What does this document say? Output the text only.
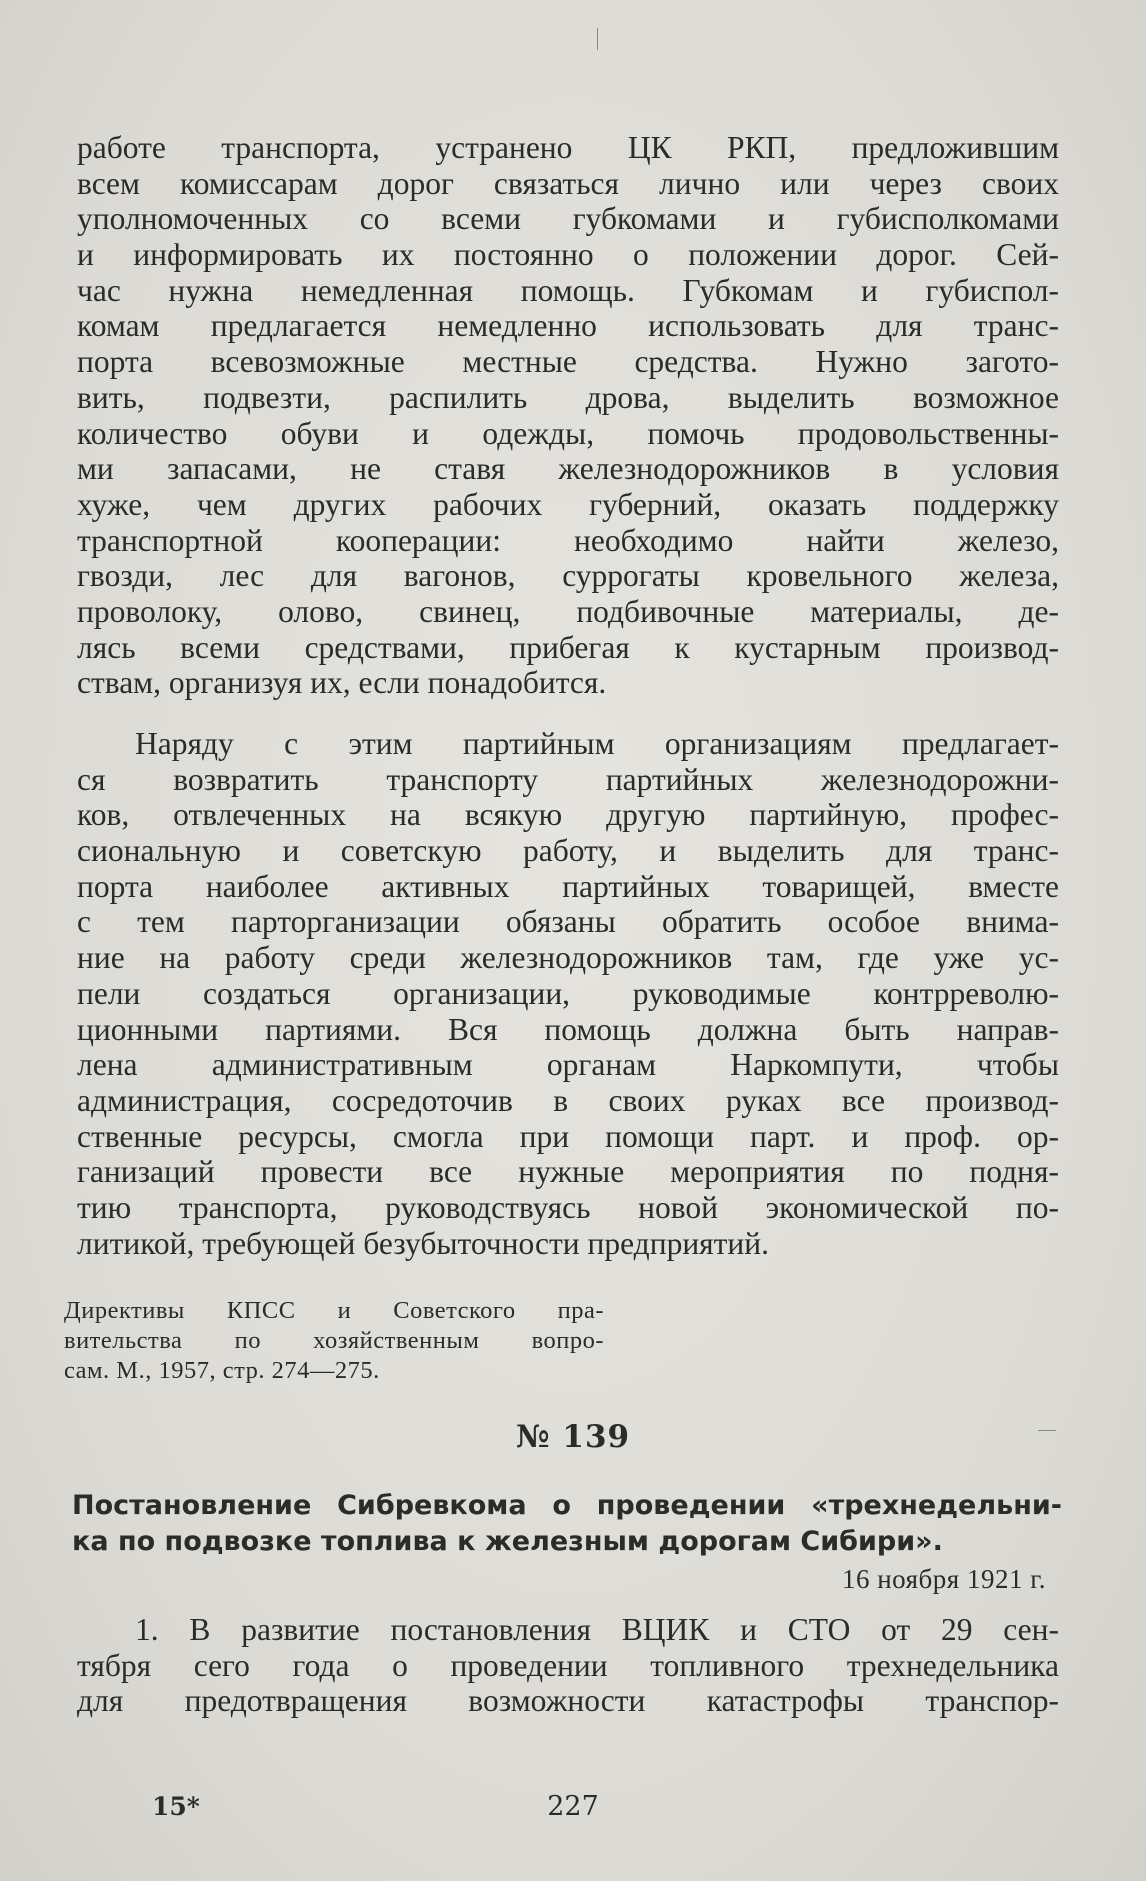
работе транспорта, устранено ЦК РКП, предложившим
всем комиссарам дорог связаться лично или через своих
уполномоченных со всеми губкомами и губисполкомами
и информировать их постоянно о положении дорог. Сей-
час нужна немедленная помощь. Губкомам и губиспол-
комам предлагается немедленно использовать для транс-
порта всевозможные местные средства. Нужно загото-
вить, подвезти, распилить дрова, выделить возможное
количество обуви и одежды, помочь продовольственны-
ми запасами, не ставя железнодорожников в условия
хуже, чем других рабочих губерний, оказать поддержку
транспортной кооперации: необходимо найти железо,
гвозди, лес для вагонов, суррогаты кровельного железа,
проволоку, олово, свинец, подбивочные материалы, де-
лясь всеми средствами, прибегая к кустарным производ-
ствам, организуя их, если понадобится.
Наряду с этим партийным организациям предлагает-
ся возвратить транспорту партийных железнодорожни-
ков, отвлеченных на всякую другую партийную, профес-
сиональную и советскую работу, и выделить для транс-
порта наиболее активных партийных товарищей, вместе
с тем парторганизации обязаны обратить особое внима-
ние на работу среди железнодорожников там, где уже ус-
пели создаться организации, руководимые контрреволю-
ционными партиями. Вся помощь должна быть направ-
лена административным органам Наркомпути, чтобы
администрация, сосредоточив в своих руках все производ-
ственные ресурсы, смогла при помощи парт. и проф. ор-
ганизаций провести все нужные мероприятия по подня-
тию транспорта, руководствуясь новой экономической по-
литикой, требующей безубыточности предприятий.
Директивы КПСС и Советского пра-
вительства по хозяйственным вопро-
сам. М., 1957, стр. 274—275.
№ 139
Постановление Сибревкома о проведении «трехнедельни-
ка по подвозке топлива к железным дорогам Сибири».
16 ноября 1921 г.
1. В развитие постановления ВЦИК и СТО от 29 сен-
тября сего года о проведении топливного трехнедельника
для предотвращения возможности катастрофы транспор-
15*	227
